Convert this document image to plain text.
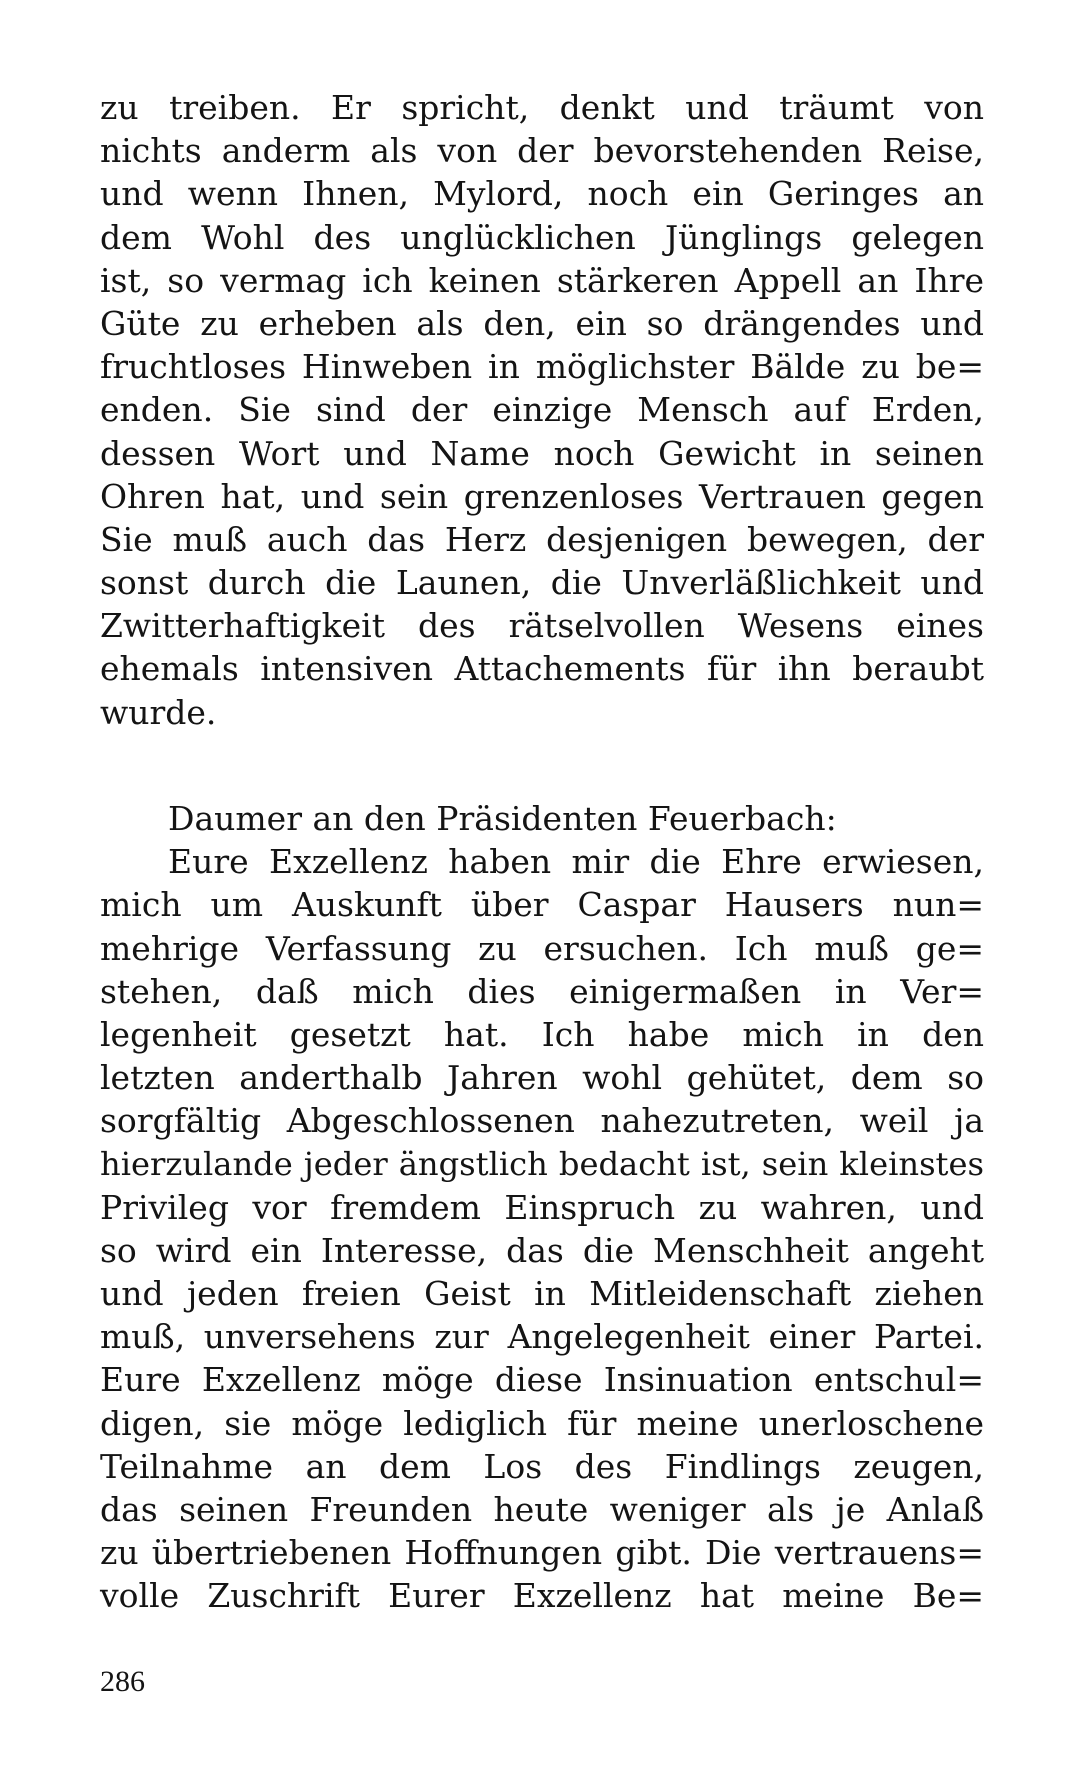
zu treiben. Er spricht, denkt und träumt von
nichts anderm als von der bevorstehenden Reise,
und wenn Ihnen, Mylord, noch ein Geringes an
dem Wohl des unglücklichen Jünglings gelegen
ist, so vermag ich keinen stärkeren Appell an Ihre
Güte zu erheben als den, ein so drängendes und
fruchtloses Hinweben in möglichster Bälde zu be=
enden. Sie sind der einzige Mensch auf Erden,
dessen Wort und Name noch Gewicht in seinen
Ohren hat, und sein grenzenloses Vertrauen gegen
Sie muß auch das Herz desjenigen bewegen, der
sonst durch die Launen, die Unverläßlichkeit und
Zwitterhaftigkeit des rätselvollen Wesens eines
ehemals intensiven Attachements für ihn beraubt
wurde.
Daumer an den Präsidenten Feuerbach:
Eure Exzellenz haben mir die Ehre erwiesen,
mich um Auskunft über Caspar Hausers nun=
mehrige Verfassung zu ersuchen. Ich muß ge=
stehen, daß mich dies einigermaßen in Ver=
legenheit gesetzt hat. Ich habe mich in den
letzten anderthalb Jahren wohl gehütet, dem so
sorgfältig Abgeschlossenen nahezutreten, weil ja
hierzulande jeder ängstlich bedacht ist, sein kleinstes
Privileg vor fremdem Einspruch zu wahren, und
so wird ein Interesse, das die Menschheit angeht
und jeden freien Geist in Mitleidenschaft ziehen
muß, unversehens zur Angelegenheit einer Partei.
Eure Exzellenz möge diese Insinuation entschul=
digen, sie möge lediglich für meine unerloschene
Teilnahme an dem Los des Findlings zeugen,
das seinen Freunden heute weniger als je Anlaß
zu übertriebenen Hoffnungen gibt. Die vertrauens=
volle Zuschrift Eurer Exzellenz hat meine Be=
286
